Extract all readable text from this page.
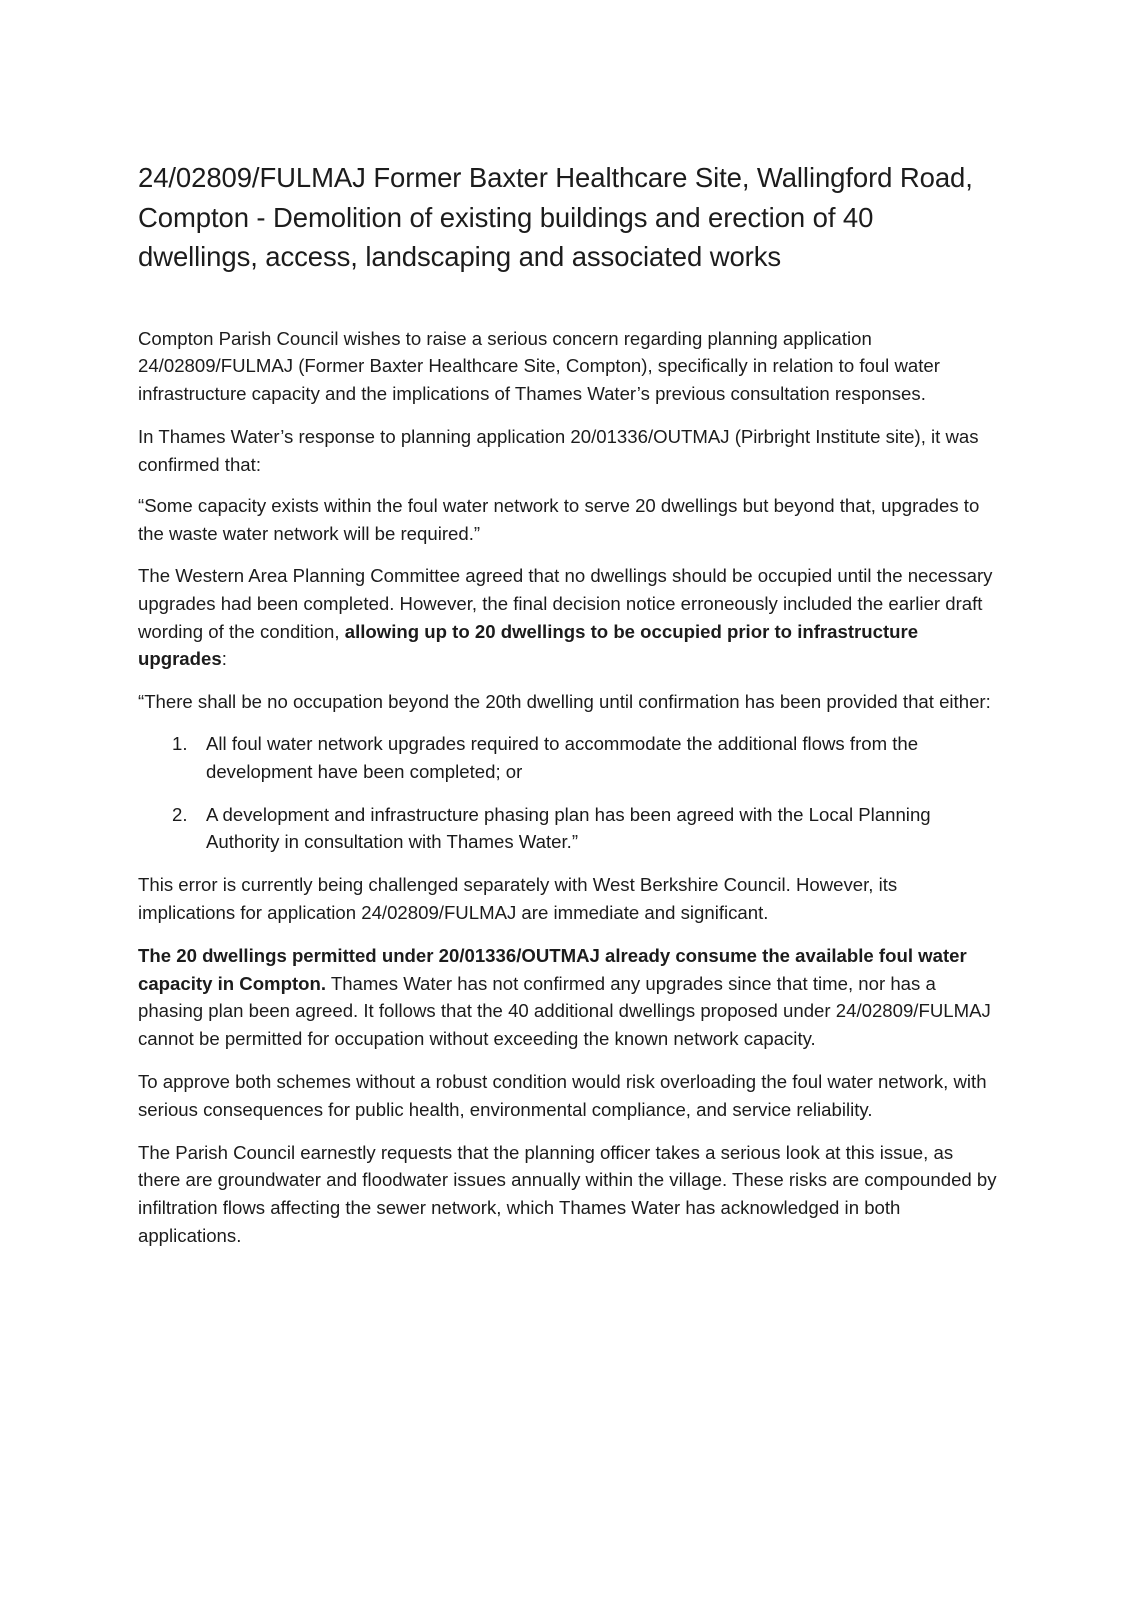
24/02809/FULMAJ Former Baxter Healthcare Site, Wallingford Road, Compton - Demolition of existing buildings and erection of 40 dwellings, access, landscaping and associated works

Compton Parish Council wishes to raise a serious concern regarding planning application 24/02809/FULMAJ (Former Baxter Healthcare Site, Compton), specifically in relation to foul water infrastructure capacity and the implications of Thames Water’s previous consultation responses.

In Thames Water’s response to planning application 20/01336/OUTMAJ (Pirbright Institute site), it was confirmed that:

“Some capacity exists within the foul water network to serve 20 dwellings but beyond that, upgrades to the waste water network will be required.”

The Western Area Planning Committee agreed that no dwellings should be occupied until the necessary upgrades had been completed. However, the final decision notice erroneously included the earlier draft wording of the condition, allowing up to 20 dwellings to be occupied prior to infrastructure upgrades:

“There shall be no occupation beyond the 20th dwelling until confirmation has been provided that either:

1. All foul water network upgrades required to accommodate the additional flows from the development have been completed; or
2. A development and infrastructure phasing plan has been agreed with the Local Planning Authority in consultation with Thames Water.”

This error is currently being challenged separately with West Berkshire Council. However, its implications for application 24/02809/FULMAJ are immediate and significant.

The 20 dwellings permitted under 20/01336/OUTMAJ already consume the available foul water capacity in Compton. Thames Water has not confirmed any upgrades since that time, nor has a phasing plan been agreed. It follows that the 40 additional dwellings proposed under 24/02809/FULMAJ cannot be permitted for occupation without exceeding the known network capacity.

To approve both schemes without a robust condition would risk overloading the foul water network, with serious consequences for public health, environmental compliance, and service reliability.

The Parish Council earnestly requests that the planning officer takes a serious look at this issue, as there are groundwater and floodwater issues annually within the village. These risks are compounded by infiltration flows affecting the sewer network, which Thames Water has acknowledged in both applications.
